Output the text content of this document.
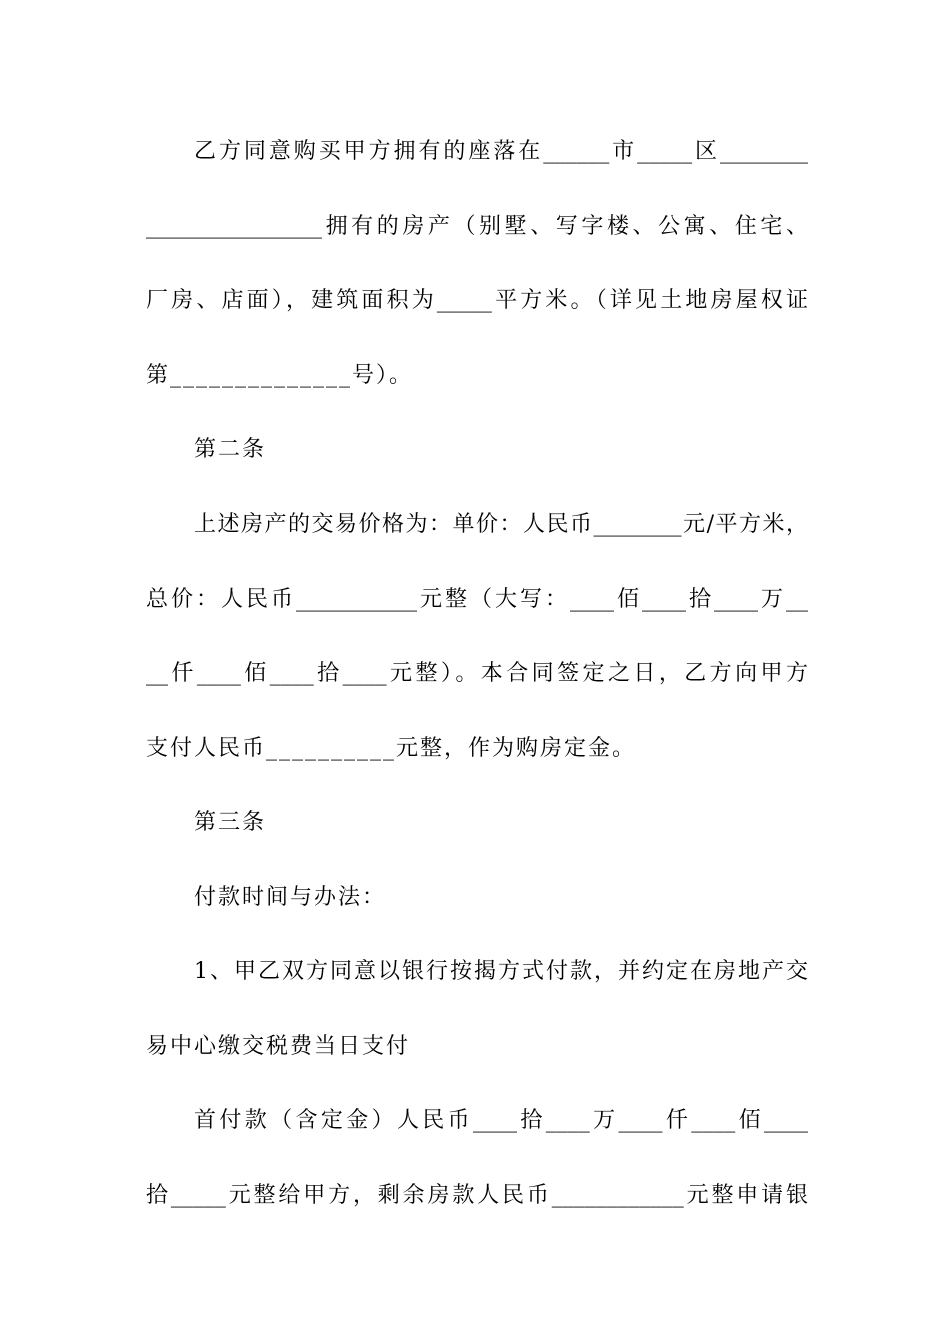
乙方同意购买甲方拥有的座落在______市_____区________
________________拥有的房产（别墅、写字楼、公寓、住宅、
厂房、店面），建筑面积为_____平方米。（详见土地房屋权证
第______________号）。
第二条
上述房产的交易价格为：单价：人民币________元/平方米，
总价：人民币___________元整（大写：____佰____拾____万__
__仟____佰____拾____元整）。本合同签定之日，乙方向甲方
支付人民币__________元整，作为购房定金。
第三条
付款时间与办法：
1、甲乙双方同意以银行按揭方式付款，并约定在房地产交
易中心缴交税费当日支付
首付款（含定金）人民币____拾____万____仟____佰____
拾_____元整给甲方，剩余房款人民币____________元整申请银
